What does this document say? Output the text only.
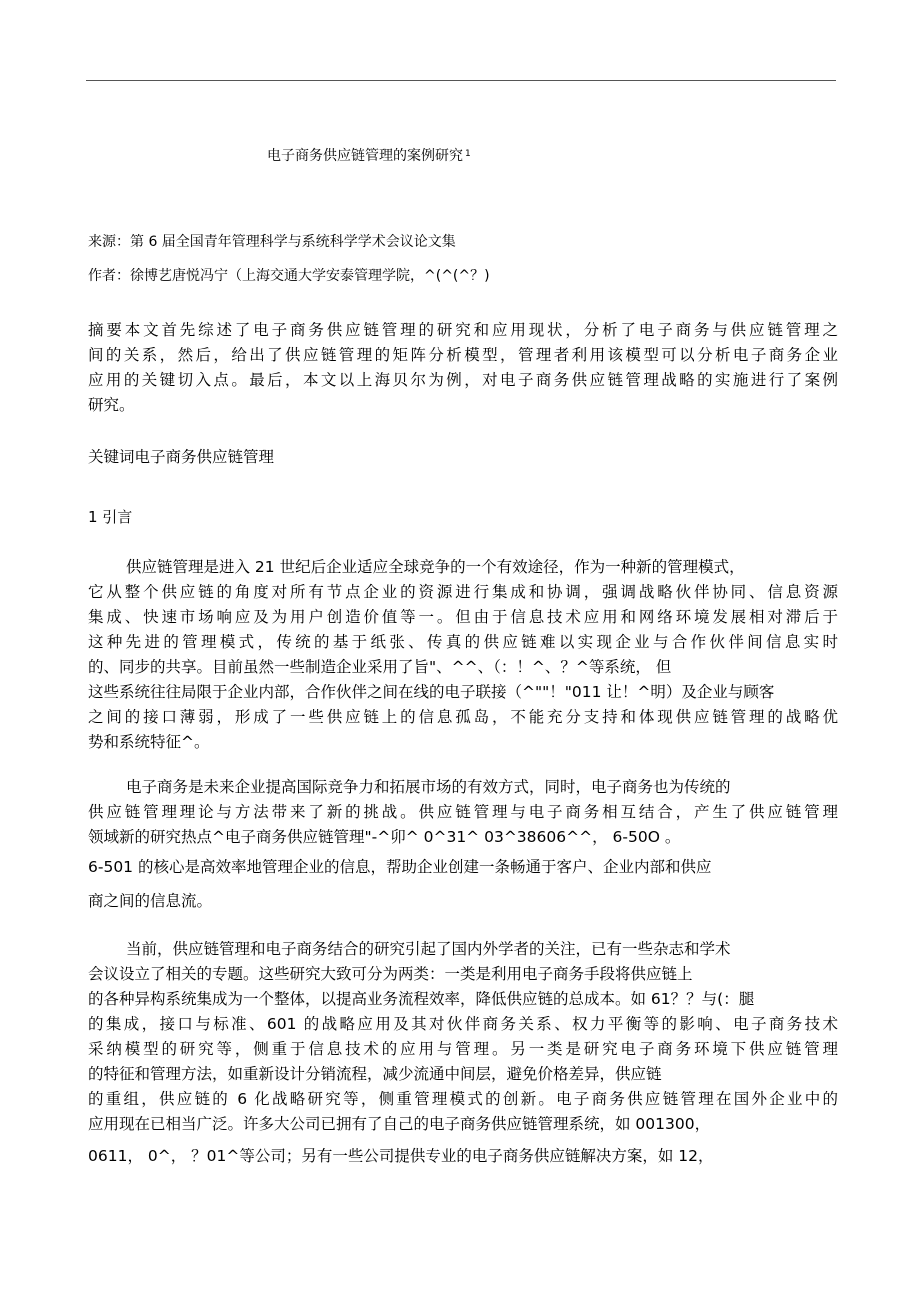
电子商务供应链管理的案例研究 $^1$
来源：第 6 届全国青年管理科学与系统科学学术会议论文集
作者：徐博艺唐悦冯宁（上海交通大学安泰管理学院，^(^(^？)
摘要本文首先综述了电子商务供应链管理的研究和应用现状，分析了电子商务与供应链管理之
间的关系，然后，给出了供应链管理的矩阵分析模型，管理者利用该模型可以分析电子商务企业
应用的关键切入点。最后，本文以上海贝尔为例，对电子商务供应链管理战略的实施进行了案例
研究。
关键词电子商务供应链管理
1 引言
供应链管理是进入 21 世纪后企业适应全球竞争的一个有效途径，作为一种新的管理模式，
它从整个供应链的角度对所有节点企业的资源进行集成和协调，强调战略伙伴协同、信息资源
集成、快速市场响应及为用户创造价值等一。但由于信息技术应用和网络环境发展相对滞后于
这种先进的管理模式，传统的基于纸张、传真的供应链难以实现企业与合作伙伴间信息实时
的、同步的共享。目前虽然一些制造企业采用了旨"、^^、（：！^、？^等系统， 但
这些系统往往局限于企业内部，合作伙伴之间在线的电子联接（^""！"011 让！^明）及企业与顾客
之间的接口薄弱，形成了一些供应链上的信息孤岛，不能充分支持和体现供应链管理的战略优
势和系统特征^。
电子商务是未来企业提高国际竞争力和拓展市场的有效方式，同时，电子商务也为传统的
供应链管理理论与方法带来了新的挑战。供应链管理与电子商务相互结合，产生了供应链管理
领域新的研究热点^电子商务供应链管理"-^卯^ 0^31^ 03^38606^^， 6-50O 。
6-501 的核心是高效率地管理企业的信息，帮助企业创建一条畅通于客户、企业内部和供应
商之间的信息流。
当前，供应链管理和电子商务结合的研究引起了国内外学者的关注，已有一些杂志和学术
会议设立了相关的专题。这些研究大致可分为两类：一类是利用电子商务手段将供应链上
的各种异构系统集成为一个整体，以提高业务流程效率，降低供应链的总成本。如 61？？与(：腿
的集成，接口与标准、601 的战略应用及其对伙伴商务关系、权力平衡等的影响、电子商务技术
采纳模型的研究等，侧重于信息技术的应用与管理。另一类是研究电子商务环境下供应链管理
的特征和管理方法，如重新设计分销流程，减少流通中间层，避免价格差异，供应链
的重组，供应链的 6 化战略研究等，侧重管理模式的创新。电子商务供应链管理在国外企业中的
应用现在已相当广泛。许多大公司已拥有了自己的电子商务供应链管理系统，如 001300，
0611， 0^， ？01^等公司；另有一些公司提供专业的电子商务供应链解决方案，如 12，
